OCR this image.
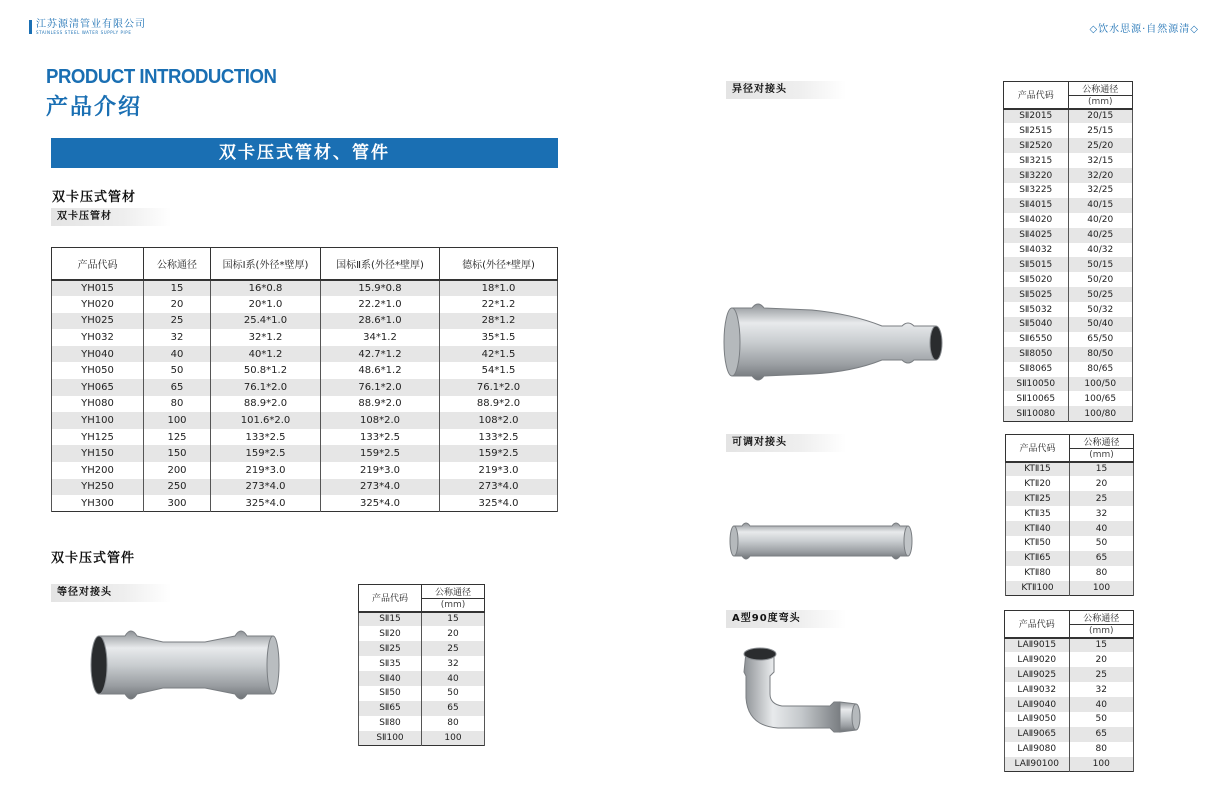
江苏源清管业有限公司
STAINLESS STEEL WATER SUPPLY PIPE	◇饮水思源·自然源清◇
PRODUCT INTRODUCTION
产品介绍
双卡压式管材、管件
双卡压式管材
双卡压管材
产品代码	公称通径	国标Ⅰ系(外径*壁厚)	国标Ⅱ系(外径*壁厚)	德标(外径*壁厚)
YH015	15	16*0.8	15.9*0.8	18*1.0
YH020	20	20*1.0	22.2*1.0	22*1.2
YH025	25	25.4*1.0	28.6*1.0	28*1.2
YH032	32	32*1.2	34*1.2	35*1.5
YH040	40	40*1.2	42.7*1.2	42*1.5
YH050	50	50.8*1.2	48.6*1.2	54*1.5
YH065	65	76.1*2.0	76.1*2.0	76.1*2.0
YH080	80	88.9*2.0	88.9*2.0	88.9*2.0
YH100	100	101.6*2.0	108*2.0	108*2.0
YH125	125	133*2.5	133*2.5	133*2.5
YH150	150	159*2.5	159*2.5	159*2.5
YH200	200	219*3.0	219*3.0	219*3.0
YH250	250	273*4.0	273*4.0	273*4.0
YH300	300	325*4.0	325*4.0	325*4.0
双卡压式管件
等径对接头
产品代码	公称通径
	(mm)
SⅡ15	15
SⅡ20	20
SⅡ25	25
SⅡ35	32
SⅡ40	40
SⅡ50	50
SⅡ65	65
SⅡ80	80
SⅡ100	100
异径对接头
产品代码	公称通径
	(mm)
SⅡ2015	20/15
SⅡ2515	25/15
SⅡ2520	25/20
SⅡ3215	32/15
SⅡ3220	32/20
SⅡ3225	32/25
SⅡ4015	40/15
SⅡ4020	40/20
SⅡ4025	40/25
SⅡ4032	40/32
SⅡ5015	50/15
SⅡ5020	50/20
SⅡ5025	50/25
SⅡ5032	50/32
SⅡ5040	50/40
SⅡ6550	65/50
SⅡ8050	80/50
SⅡ8065	80/65
SⅡ10050	100/50
SⅡ10065	100/65
SⅡ10080	100/80
可调对接头
产品代码	公称通径
	(mm)
KTⅡ15	15
KTⅡ20	20
KTⅡ25	25
KTⅡ35	32
KTⅡ40	40
KTⅡ50	50
KTⅡ65	65
KTⅡ80	80
KTⅡ100	100
A型90度弯头
产品代码	公称通径
	(mm)
LAⅡ9015	15
LAⅡ9020	20
LAⅡ9025	25
LAⅡ9032	32
LAⅡ9040	40
LAⅡ9050	50
LAⅡ9065	65
LAⅡ9080	80
LAⅡ90100	100
